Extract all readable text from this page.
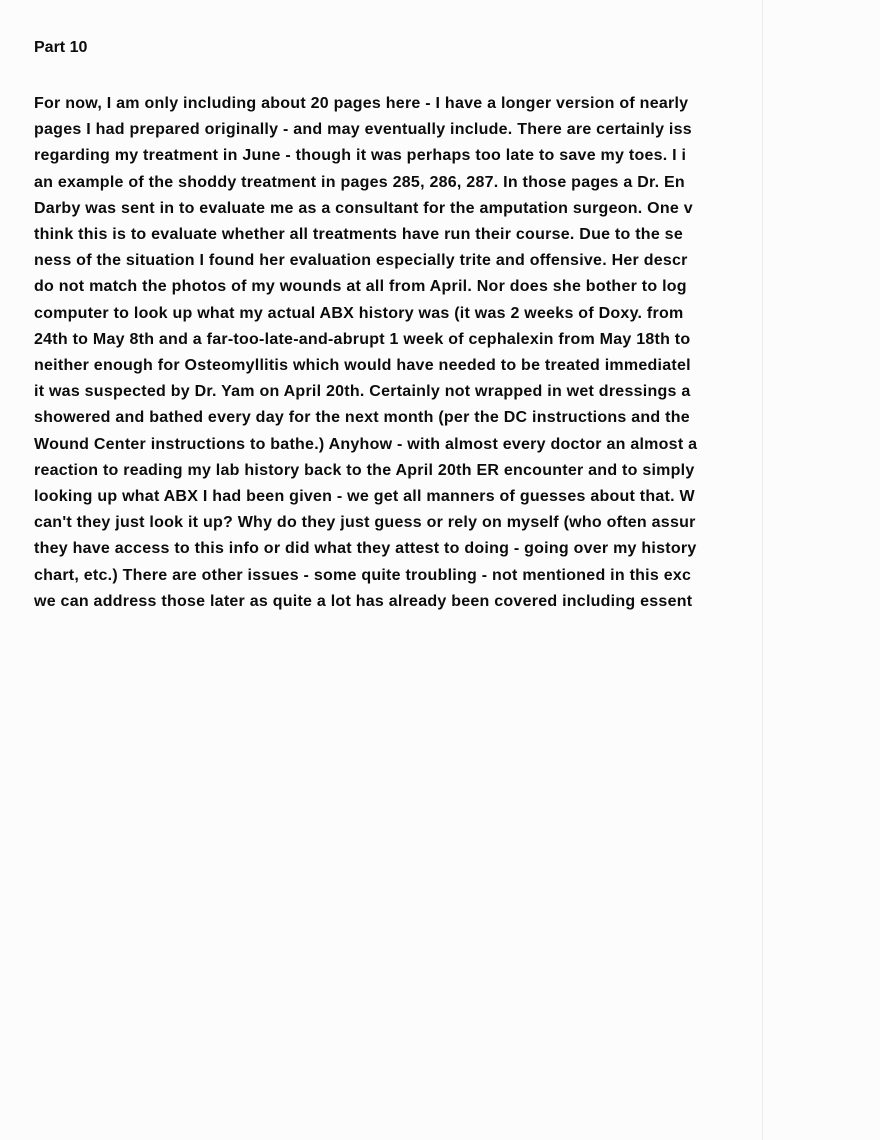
Part 10
For now, I am only including about 20 pages here - I have a longer version of nearly
pages I had prepared originally - and may eventually include. There are certainly iss
regarding my treatment in June - though it was perhaps too late to save my toes. I i
an example of the shoddy treatment in pages 285, 286, 287. In those pages a Dr. En
Darby was sent in to evaluate me as a consultant for the amputation surgeon. One v
think this is to evaluate whether all treatments have run their course. Due to the se
ness of the situation I found her evaluation especially trite and offensive. Her descr
do not match the photos of my wounds at all from April. Nor does she bother to log
computer to look up what my actual ABX history was (it was 2 weeks of Doxy. from
24th to May 8th and a far-too-late-and-abrupt 1 week of cephalexin from May 18th to
neither enough for Osteomyllitis which would have needed to be treated immediatel
it was suspected by Dr. Yam on April 20th. Certainly not wrapped in wet dressings a
showered and bathed every day for the next month (per the DC instructions and the
Wound Center instructions to bathe.) Anyhow - with almost every doctor an almost a
reaction to reading my lab history back to the April 20th ER encounter and to simply
looking up what ABX I had been given - we get all manners of guesses about that. W
can't they just look it up? Why do they just guess or rely on myself (who often assur
they have access to this info or did what they attest to doing - going over my history
chart, etc.) There are other issues - some quite troubling - not mentioned in this exc
we can address those later as quite a lot has already been covered including essent
